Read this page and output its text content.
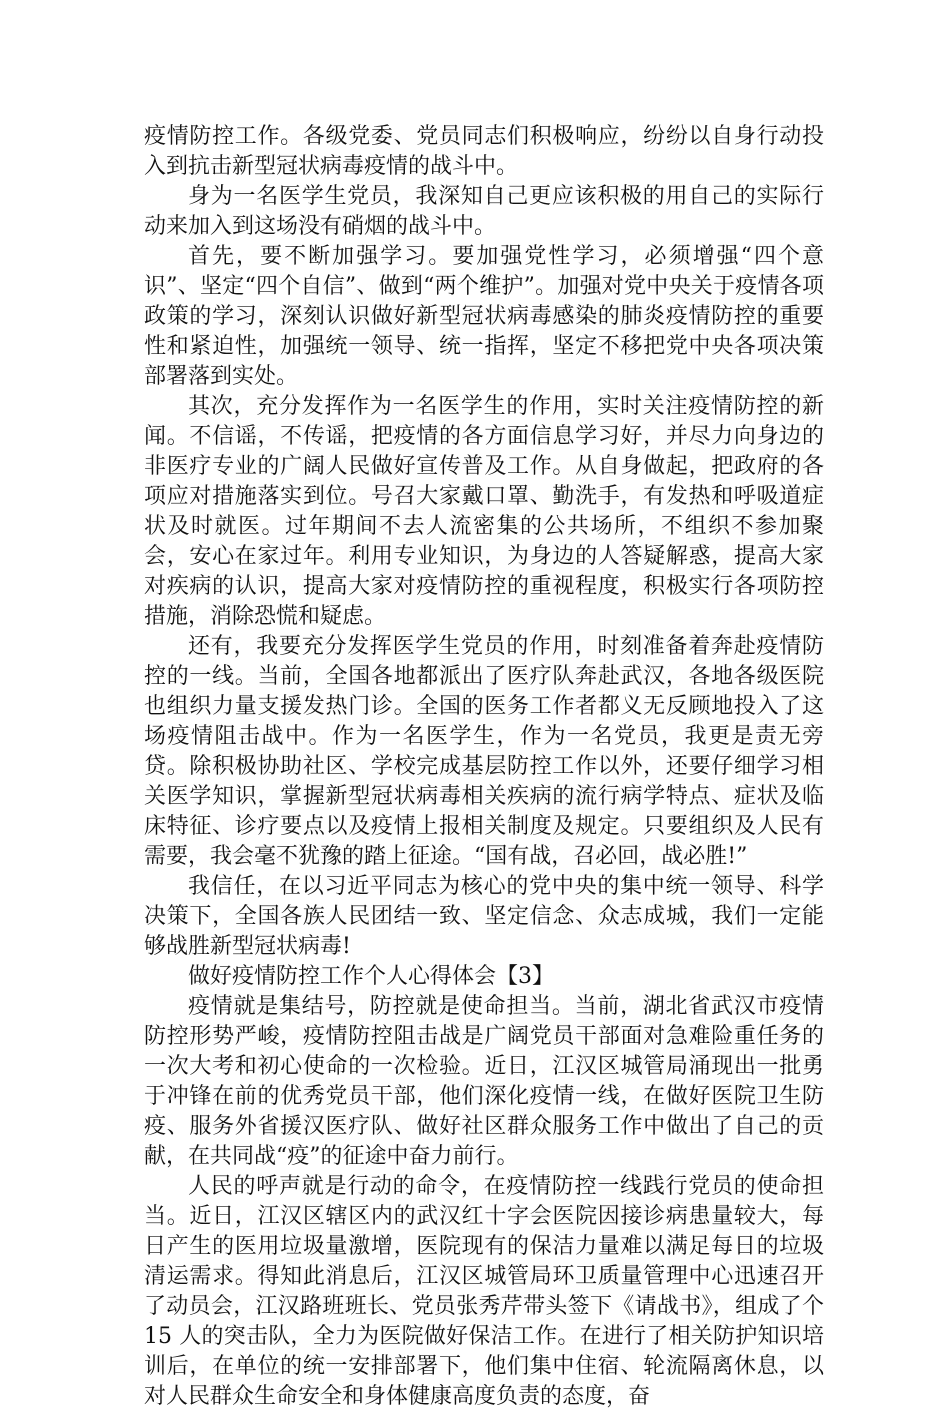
疫情防控工作。各级党委、党员同志们积极响应，纷纷以自身行动投入到抗击新型冠状病毒疫情的战斗中。

身为一名医学生党员，我深知自己更应该积极的用自己的实际行动来加入到这场没有硝烟的战斗中。

首先，要不断加强学习。要加强党性学习，必须增强“四个意识”、坚定“四个自信”、做到“两个维护”。加强对党中央关于疫情各项政策的学习，深刻认识做好新型冠状病毒感染的肺炎疫情防控的重要性和紧迫性，加强统一领导、统一指挥，坚定不移把党中央各项决策部署落到实处。

其次，充分发挥作为一名医学生的作用，实时关注疫情防控的新闻。不信谣，不传谣，把疫情的各方面信息学习好，并尽力向身边的非医疗专业的广阔人民做好宣传普及工作。从自身做起，把政府的各项应对措施落实到位。号召大家戴口罩、勤洗手，有发热和呼吸道症状及时就医。过年期间不去人流密集的公共场所，不组织不参加聚会，安心在家过年。利用专业知识，为身边的人答疑解惑，提高大家对疾病的认识，提高大家对疫情防控的重视程度，积极实行各项防控措施，消除恐慌和疑虑。

还有，我要充分发挥医学生党员的作用，时刻准备着奔赴疫情防控的一线。当前，全国各地都派出了医疗队奔赴武汉，各地各级医院也组织力量支援发热门诊。全国的医务工作者都义无反顾地投入了这场疫情阻击战中。作为一名医学生，作为一名党员，我更是责无旁贷。除积极协助社区、学校完成基层防控工作以外，还要仔细学习相关医学知识，掌握新型冠状病毒相关疾病的流行病学特点、症状及临床特征、诊疗要点以及疫情上报相关制度及规定。只要组织及人民有需要，我会毫不犹豫的踏上征途。“国有战，召必回，战必胜!”

我信任，在以习近平同志为核心的党中央的集中统一领导、科学决策下，全国各族人民团结一致、坚定信念、众志成城，我们一定能够战胜新型冠状病毒!

做好疫情防控工作个人心得体会【3】

疫情就是集结号，防控就是使命担当。当前，湖北省武汉市疫情防控形势严峻，疫情防控阻击战是广阔党员干部面对急难险重任务的一次大考和初心使命的一次检验。近日，江汉区城管局涌现出一批勇于冲锋在前的优秀党员干部，他们深化疫情一线，在做好医院卫生防疫、服务外省援汉医疗队、做好社区群众服务工作中做出了自己的贡献，在共同战“疫”的征途中奋力前行。

人民的呼声就是行动的命令，在疫情防控一线践行党员的使命担当。近日，江汉区辖区内的武汉红十字会医院因接诊病患量较大，每日产生的医用垃圾量激增，医院现有的保洁力量难以满足每日的垃圾清运需求。得知此消息后，江汉区城管局环卫质量管理中心迅速召开了动员会，江汉路班班长、党员张秀芹带头签下《请战书》，组成了个 15 人的突击队，全力为医院做好保洁工作。在进行了相关防护知识培训后，在单位的统一安排部署下，他们集中住宿、轮流隔离休息，以对人民群众生命安全和身体健康高度负责的态度，奋
